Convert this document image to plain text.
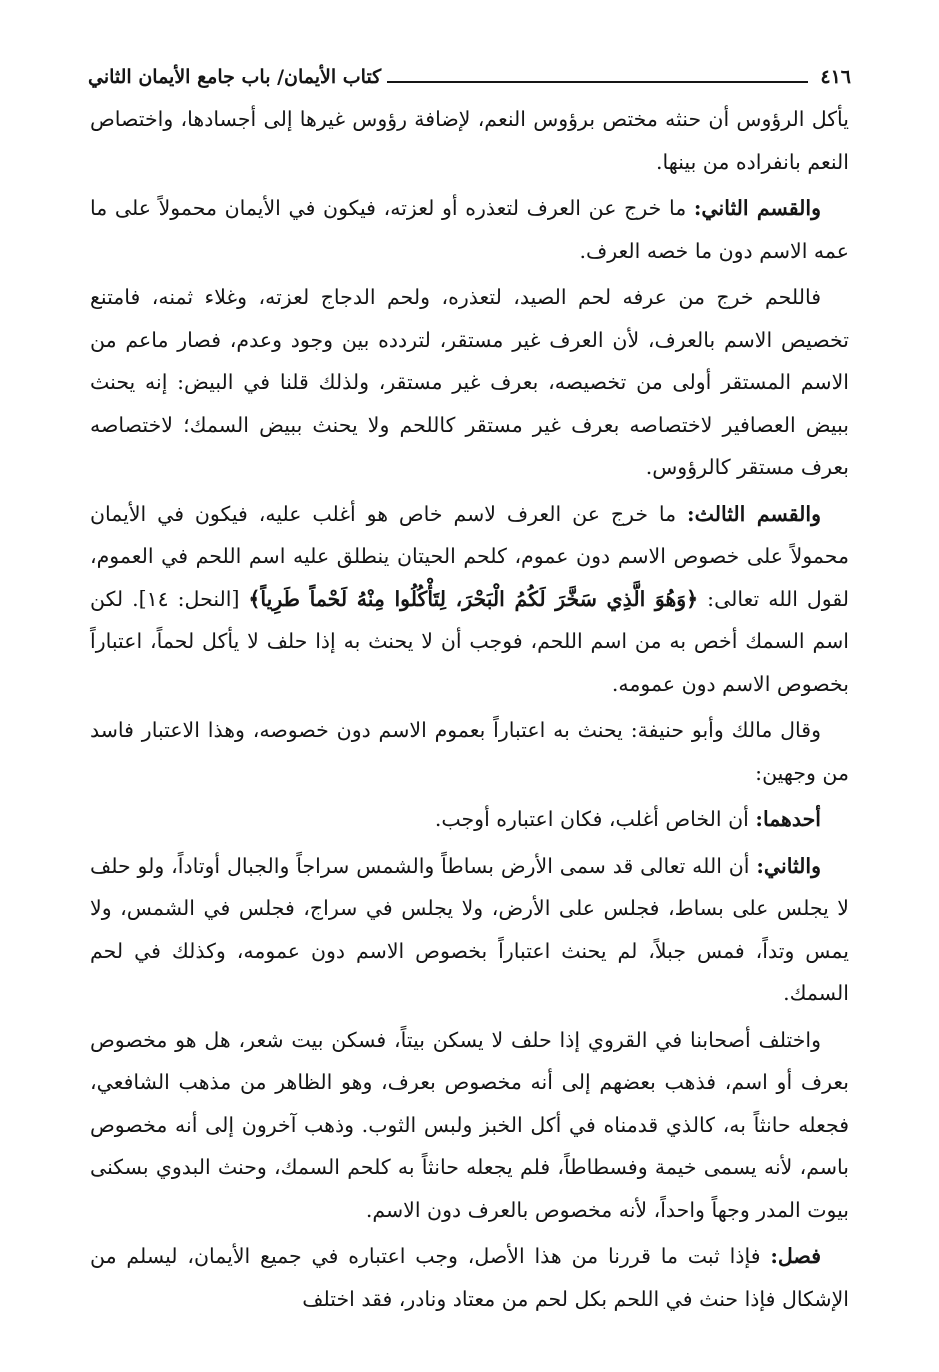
٤١٦
كتاب الأيمان/ باب جامع الأيمان الثاني

يأكل الرؤوس أن حنثه مختص برؤوس النعم، لإضافة رؤوس غيرها إلى أجسادها، واختصاص النعم بانفراده من بينها.

والقسم الثاني: ما خرج عن العرف لتعذره أو لعزته، فيكون في الأيمان محمولاً على ما عمه الاسم دون ما خصه العرف.

فاللحم خرج من عرفه لحم الصيد، لتعذره، ولحم الدجاج لعزته، وغلاء ثمنه، فامتنع تخصيص الاسم بالعرف، لأن العرف غير مستقر، لتردده بين وجود وعدم، فصار ماعم من الاسم المستقر أولى من تخصيصه، بعرف غير مستقر، ولذلك قلنا في البيض: إنه يحنث ببيض العصافير لاختصاصه بعرف غير مستقر كاللحم ولا يحنث ببيض السمك؛ لاختصاصه بعرف مستقر كالرؤوس.

والقسم الثالث: ما خرج عن العرف لاسم خاص هو أغلب عليه، فيكون في الأيمان محمولاً على خصوص الاسم دون عموم، كلحم الحيتان ينطلق عليه اسم اللحم في العموم، لقول الله تعالى: ﴿وَهُوَ الَّذِي سَخَّرَ لَكُمُ الْبَحْرَ، لِتَأْكُلُوا مِنْهُ لَحْماً طَرِياً﴾ [النحل: ١٤]. لكن اسم السمك أخص به من اسم اللحم، فوجب أن لا يحنث به إذا حلف لا يأكل لحماً، اعتباراً بخصوص الاسم دون عمومه.

وقال مالك وأبو حنيفة: يحنث به اعتباراً بعموم الاسم دون خصوصه، وهذا الاعتبار فاسد من وجهين:

أحدهما: أن الخاص أغلب، فكان اعتباره أوجب.

والثاني: أن الله تعالى قد سمى الأرض بساطاً والشمس سراجاً والجبال أوتاداً، ولو حلف لا يجلس على بساط، فجلس على الأرض، ولا يجلس في سراج، فجلس في الشمس، ولا يمس وتداً، فمس جبلاً، لم يحنث اعتباراً بخصوص الاسم دون عمومه، وكذلك في لحم السمك.

واختلف أصحابنا في القروي إذا حلف لا يسكن بيتاً، فسكن بيت شعر، هل هو مخصوص بعرف أو اسم، فذهب بعضهم إلى أنه مخصوص بعرف، وهو الظاهر من مذهب الشافعي، فجعله حانثاً به، كالذي قدمناه في أكل الخبز ولبس الثوب. وذهب آخرون إلى أنه مخصوص باسم، لأنه يسمى خيمة وفسطاطاً، فلم يجعله حانثاً به كلحم السمك، وحنث البدوي بسكنى بيوت المدر وجهاً واحداً، لأنه مخصوص بالعرف دون الاسم.

فصل: فإذا ثبت ما قررنا من هذا الأصل، وجب اعتباره في جميع الأيمان، ليسلم من الإشكال فإذا حنث في اللحم بكل لحم من معتاد ونادر، فقد اختلف
